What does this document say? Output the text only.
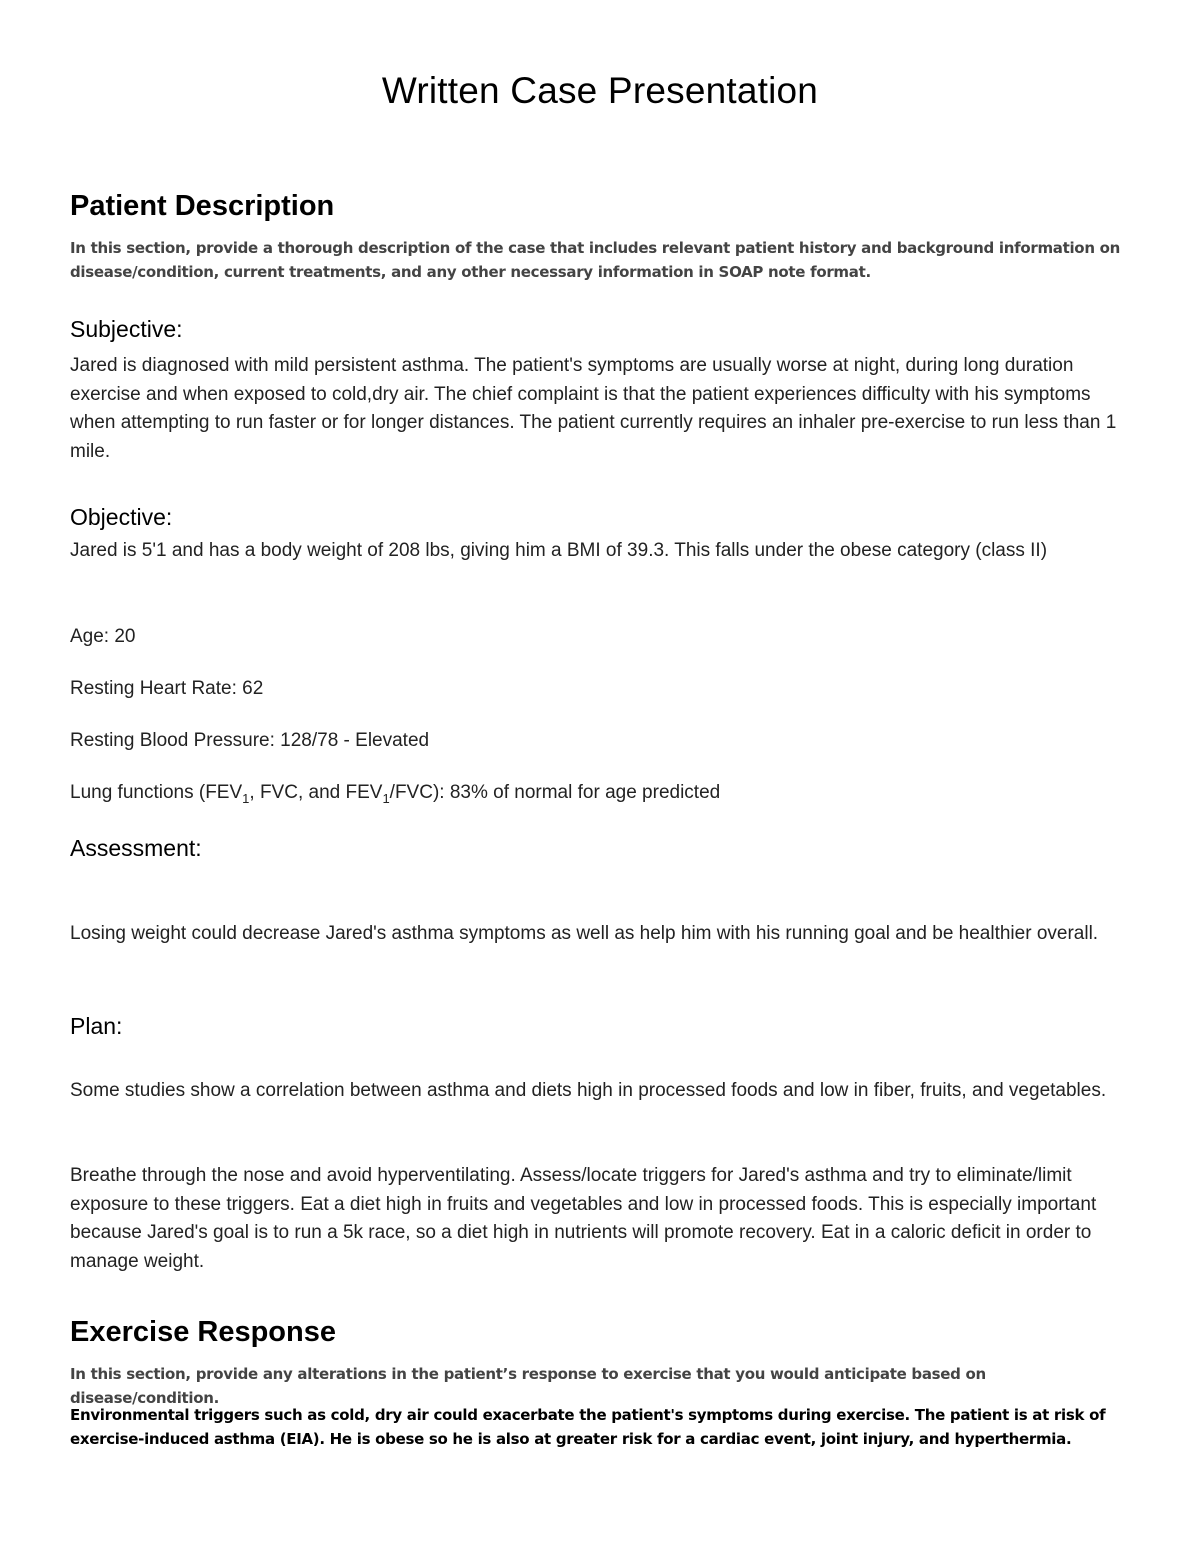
Written Case Presentation
Patient Description

In this section, provide a thorough description of the case that includes relevant patient history and background information on disease/condition, current treatments, and any other necessary information in SOAP note format.

Subjective:

Jared is diagnosed with mild persistent asthma. The patient's symptoms are usually worse at night, during long duration exercise and when exposed to cold,dry air. The chief complaint is that the patient experiences difficulty with his symptoms when attempting to run faster or for longer distances. The patient currently requires an inhaler pre-exercise to run less than 1 mile.

Objective:

Jared is 5'1 and has a body weight of 208 lbs, giving him a BMI of 39.3. This falls under the obese category (class II)

Age: 20

Resting Heart Rate: 62

Resting Blood Pressure: 128/78 - Elevated

Lung functions ($FEV_1$, FVC, and $FEV_1/FVC$): 83% of normal for age predicted

Assessment:

Losing weight could decrease Jared's asthma symptoms as well as help him with his running goal and be healthier overall.

Plan:

Some studies show a correlation between asthma and diets high in processed foods and low in fiber, fruits, and vegetables.

Breathe through the nose and avoid hyperventilating. Assess/locate triggers for Jared's asthma and try to eliminate/limit exposure to these triggers. Eat a diet high in fruits and vegetables and low in processed foods. This is especially important because Jared's goal is to run a 5k race, so a diet high in nutrients will promote recovery. Eat in a caloric deficit in order to manage weight.

Exercise Response

In this section, provide any alterations in the patient’s response to exercise that you would anticipate based on disease/condition.

Environmental triggers such as cold, dry air could exacerbate the patient's symptoms during exercise. The patient is at risk of exercise-induced asthma (EIA). He is obese so he is also at greater risk for a cardiac event, joint injury, and hyperthermia.
